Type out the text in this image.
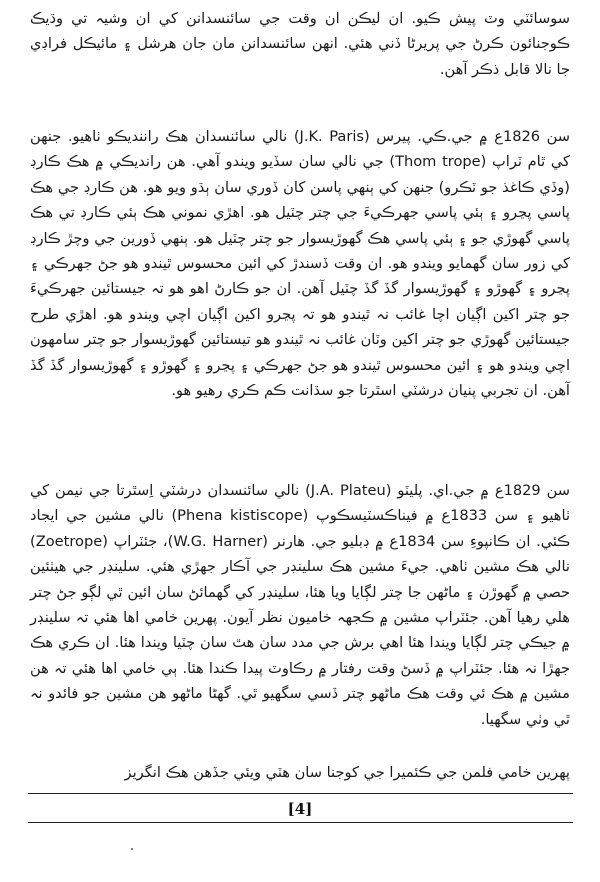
سوسائٽي وٽ پيش ڪيو. ان ليڪن ان وقت جي سائنسدانن کي ان وشيہ تي وڌيڪ ڪوجنائون ڪرڻ جي پريرڻا ڏني هئي. انهن سائنسدانن مان جان هرشل ۽ مائيڪل فراڊي جا نالا قابل ذڪر آهن.

سن 1826ع ۾ جي.ڪي. پيرس (J.K. Paris) نالي سائنسدان هڪ راننديڪو ٺاهيو. جنهن کي ٿام ٽراپ (Thom trope) جي نالي سان سڏيو ويندو آهي. هن رانديڪي ۾ هڪ ڪارڊ (وڏي ڪاغذ جو ٽڪرو) جنهن کي ٻنهي پاسن کان ڏوري سان ٻڌو ويو هو. هن ڪارڊ جي هڪ پاسي پڃرو ۽ ٻئي پاسي جهرڪيءَ جي چتر چٽيل هو. اهڙي نموني هڪ ٻئي ڪارڊ تي هڪ پاسي گهوڙي جو ۽ ٻئي پاسي هڪ گهوڙيسوار جو چتر چٽيل هو. ٻنهي ڏورين جي وچڙ ڪارڊ کي زور سان گهمايو ويندو هو. ان وقت ڏسندڙ کي ائين محسوس ٿيندو هو جڻ جهرڪي ۽ پڃرو ۽ گهوڙو ۽ گهوڙيسوار گڏ گڏ چٽيل آهن. ان جو ڪارڻ اهو هو تہ جيستائين جهرڪيءَ جو چتر اکين اڳيان اچا غائب نہ ٿيندو هو تہ پڃرو اکين اڳيان اچي ويندو هو. اهڙي طرح جيستائين گهوڙي جو چتر اکين وٽان غائب نہ ٿيندو هو تيستائين گهوڙيسوار جو چتر سامهون اچي ويندو هو ۽ ائين محسوس ٿيندو هو جڻ جهرڪي ۽ پڃرو ۽ گهوڙو ۽ گهوڙيسوار گڏ گڏ آهن. ان تجربي پنيان درشٽي اسٿرتا جو سڌانت ڪم ڪري رهيو هو.

سن 1829ع ۾ جي.اي. پليٽو (J.A. Plateu) نالي سائنسدان درشٽي اِسٿرتا جي نيمن کي ٺاهيو ۽ سن 1833ع ۾ فيناڪسٽيسڪوپ (Phena kistiscope) نالي مشين جي ايجاد ڪئي. ان ڪانپوءِ سن 1834ع ۾ ڊبليو جي. هارنر (W.G. Harner)، جئٽراپ (Zoetrope) نالي هڪ مشين ٺاهي. جيءَ مشين هڪ سلينڊر جي آڪار جهڙي هئي. سلينڊر جي هيٺئين حصي ۾ گهوڙن ۽ ماڻهن جا چتر لڳايا ويا هئا، سلينڊر کي گهمائڻ سان ائين ٿي لڳو جڻ چتر هلي رهيا آهن. جئٽراپ مشين ۾ ڪجهہ خاميون نظر آيون. پهرين خامي اها هئي تہ سلينڊر ۾ جيڪي چتر لڳايا ويندا هئا اهي برش جي مدد سان هٿ سان چٽيا ويندا هئا. ان ڪري هڪ جهڙا نہ هئا. جئٽراپ ۾ ڏسڻ وقت رفتار ۾ رڪاوٽ پيدا ڪندا هئا. ٻي خامي اها هئي تہ هن مشين ۾ هڪ ئي وقت هڪ ماڻهو چتر ڏسي سگهيو ٿي. گهڻا ماڻهو هن مشين جو فائدو نہ ٿي وٺي سگهيا.

پهرين خامي فلمن جي ڪئميرا جي کوجنا سان هٽي ويئي جڏهن هڪ انگريز

[4]
